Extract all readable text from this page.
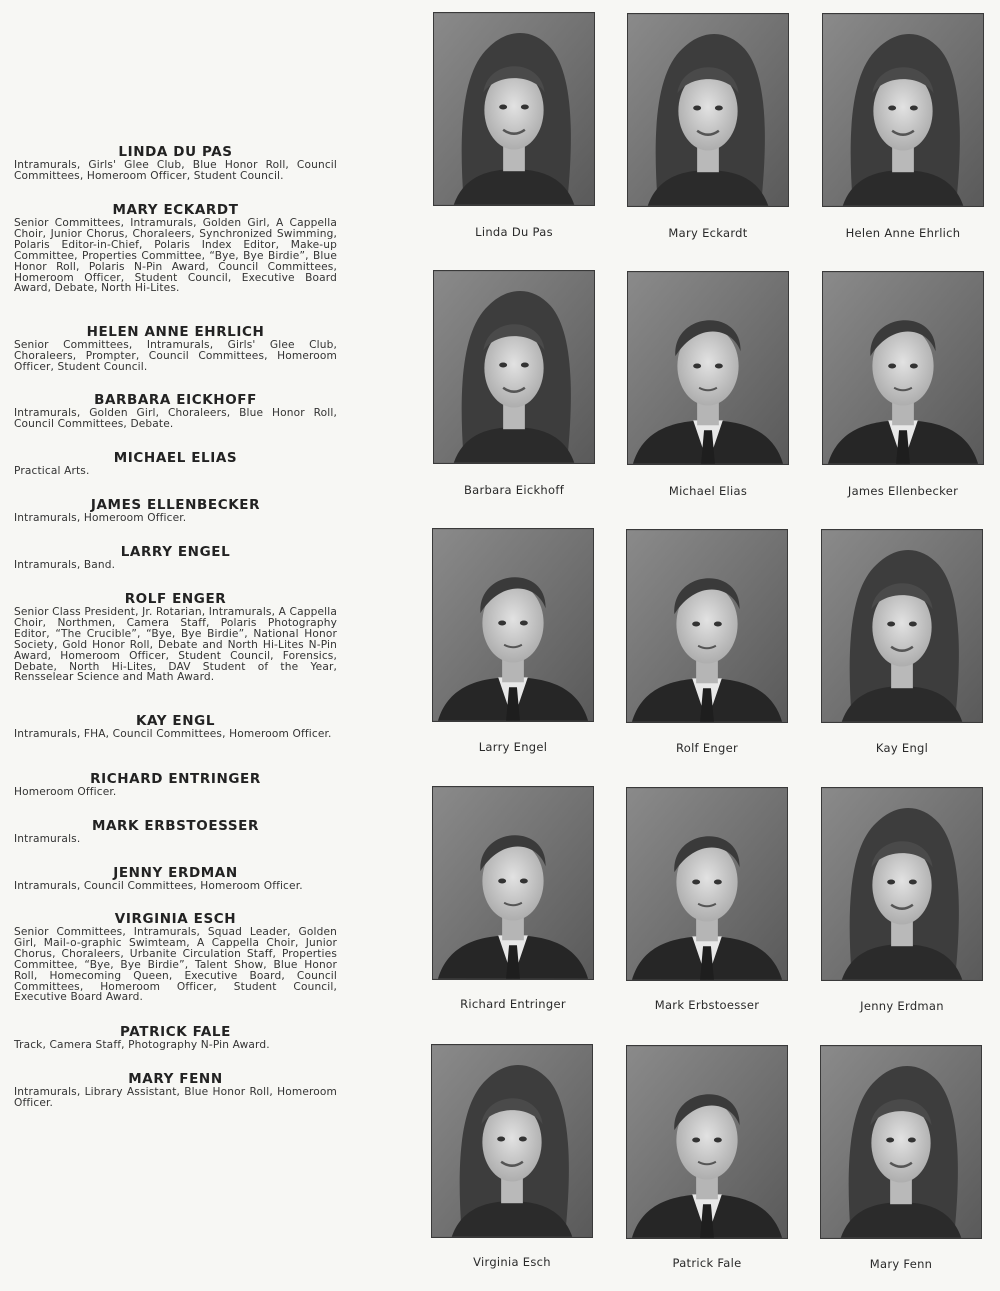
LINDA DU PAS
Intramurals, Girls' Glee Club, Blue Honor Roll, Council Committees, Homeroom Officer, Student Council.
MARY ECKARDT
Senior Committees, Intramurals, Golden Girl, A Cappella Choir, Junior Chorus, Choraleers, Synchronized Swimming, Polaris Editor-in-Chief, Polaris Index Editor, Make-up Committee, Properties Committee, “Bye, Bye Birdie”, Blue Honor Roll, Polaris N-Pin Award, Council Committees, Homeroom Officer, Student Council, Executive Board Award, Debate, North Hi-Lites.
HELEN ANNE EHRLICH
Senior Committees, Intramurals, Girls' Glee Club, Choraleers, Prompter, Council Committees, Homeroom Officer, Student Council.
BARBARA EICKHOFF
Intramurals, Golden Girl, Choraleers, Blue Honor Roll, Council Committees, Debate.
MICHAEL ELIAS
Practical Arts.
JAMES ELLENBECKER
Intramurals, Homeroom Officer.
LARRY ENGEL
Intramurals, Band.
ROLF ENGER
Senior Class President, Jr. Rotarian, Intramurals, A Cappella Choir, Northmen, Camera Staff, Polaris Photography Editor, “The Crucible”, “Bye, Bye Birdie”, National Honor Society, Gold Honor Roll, Debate and North Hi-Lites N-Pin Award, Homeroom Officer, Student Council, Forensics, Debate, North Hi-Lites, DAV Student of the Year, Rensselear Science and Math Award.
KAY ENGL
Intramurals, FHA, Council Committees, Homeroom Officer.
RICHARD ENTRINGER
Homeroom Officer.
MARK ERBSTOESSER
Intramurals.
JENNY ERDMAN
Intramurals, Council Committees, Homeroom Officer.
VIRGINIA ESCH
Senior Committees, Intramurals, Squad Leader, Golden Girl, Mail-o-graphic Swimteam, A Cappella Choir, Junior Chorus, Choraleers, Urbanite Circulation Staff, Properties Committee, “Bye, Bye Birdie”, Talent Show, Blue Honor Roll, Homecoming Queen, Executive Board, Council Committees, Homeroom Officer, Student Council, Executive Board Award.
PATRICK FALE
Track, Camera Staff, Photography N-Pin Award.
MARY FENN
Intramurals, Library Assistant, Blue Honor Roll, Homeroom Officer.
Linda Du Pas	Mary Eckardt	Helen Anne Ehrlich
Barbara Eickhoff	Michael Elias	James Ellenbecker
Larry Engel	Rolf Enger	Kay Engl
Richard Entringer	Mark Erbstoesser	Jenny Erdman
Virginia Esch	Patrick Fale	Mary Fenn
